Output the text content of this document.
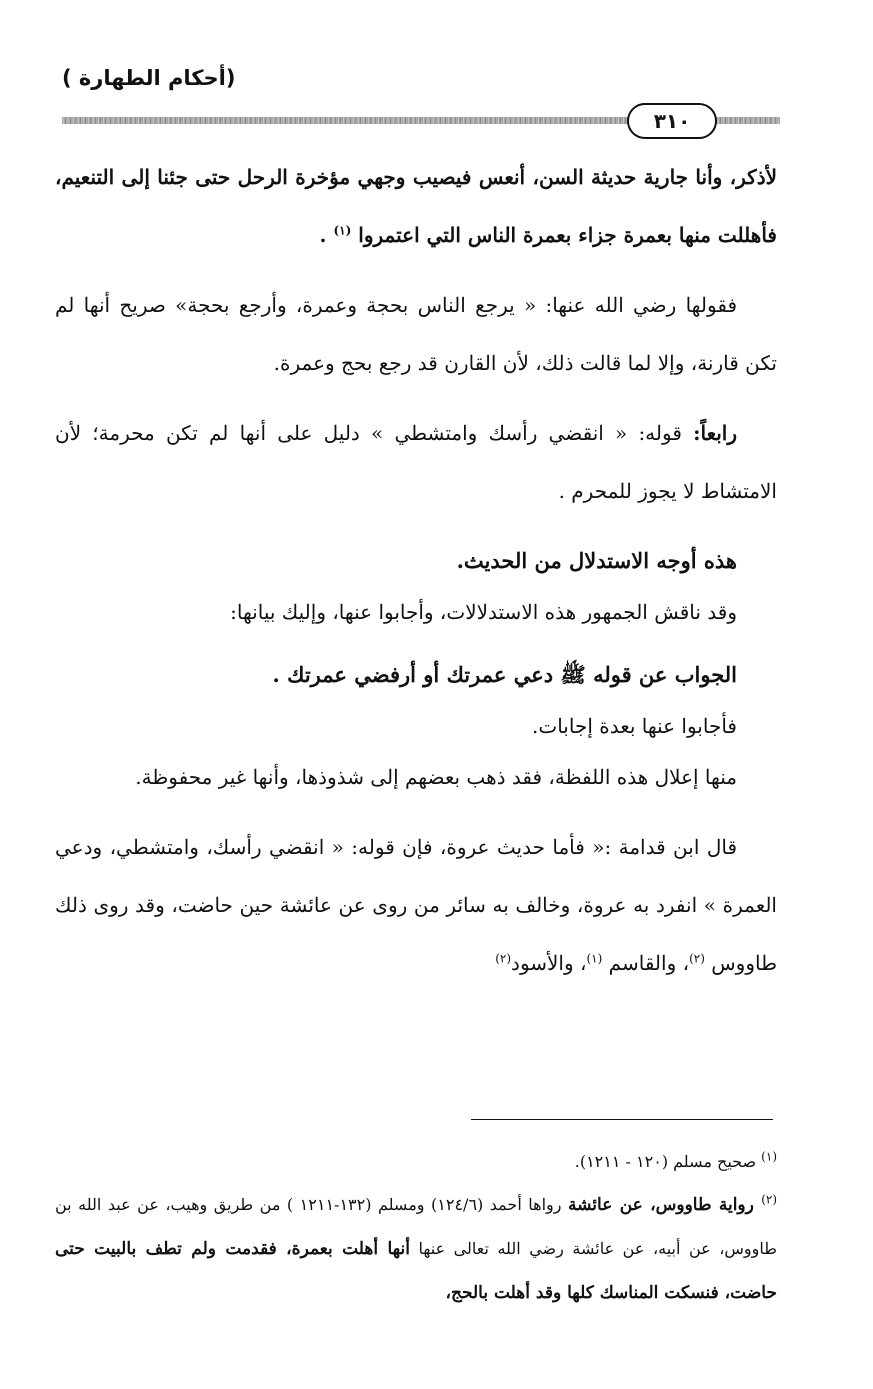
(أحكام الطهارة )
٣١٠

لأذكر، وأنا جارية حديثة السن، أنعس فيصيب وجهي مؤخرة الرحل حتى جئنا إلى التنعيم، فأهللت منها بعمرة جزاء بعمرة الناس التي اعتمروا $^{(١)}$ .

فقولها رضي الله عنها: « يرجع الناس بحجة وعمرة، وأرجع بحجة» صريح أنها لم تكن قارنة، وإلا لما قالت ذلك، لأن القارن قد رجع بحج وعمرة.

رابعاً: قوله: « انقضي رأسك وامتشطي » دليل على أنها لم تكن محرمة؛ لأن الامتشاط لا يجوز للمحرم .

هذه أوجه الاستدلال من الحديث.

وقد ناقش الجمهور هذه الاستدلالات، وأجابوا عنها، وإليك بيانها:

الجواب عن قوله ﷺ دعي عمرتك أو أرفضي عمرتك .

فأجابوا عنها بعدة إجابات.

منها إعلال هذه اللفظة، فقد ذهب بعضهم إلى شذوذها، وأنها غير محفوظة.

قال ابن قدامة :« فأما حديث عروة، فإن قوله: « انقضي رأسك، وامتشطي، ودعي العمرة » انفرد به عروة، وخالف به سائر من روى عن عائشة حين حاضت، وقد روى ذلك طاووس $^{(٢)}$، والقاسم $^{(١)}$، والأسود$^{(٢)}$

$^{(١)}$ صحيح مسلم (١٢٠ - ١٢١١).

$^{(٢)}$ رواية طاووس، عن عائشة رواها أحمد (١٢٤/٦) ومسلم (١٣٢-١٢١١ ) من طريق وهيب، عن عبد الله بن طاووس، عن أبيه، عن عائشة رضي الله تعالى عنها أنها أهلت بعمرة، فقدمت ولم تطف بالبيت حتى حاضت، فنسكت المناسك كلها وقد أهلت بالحج،
